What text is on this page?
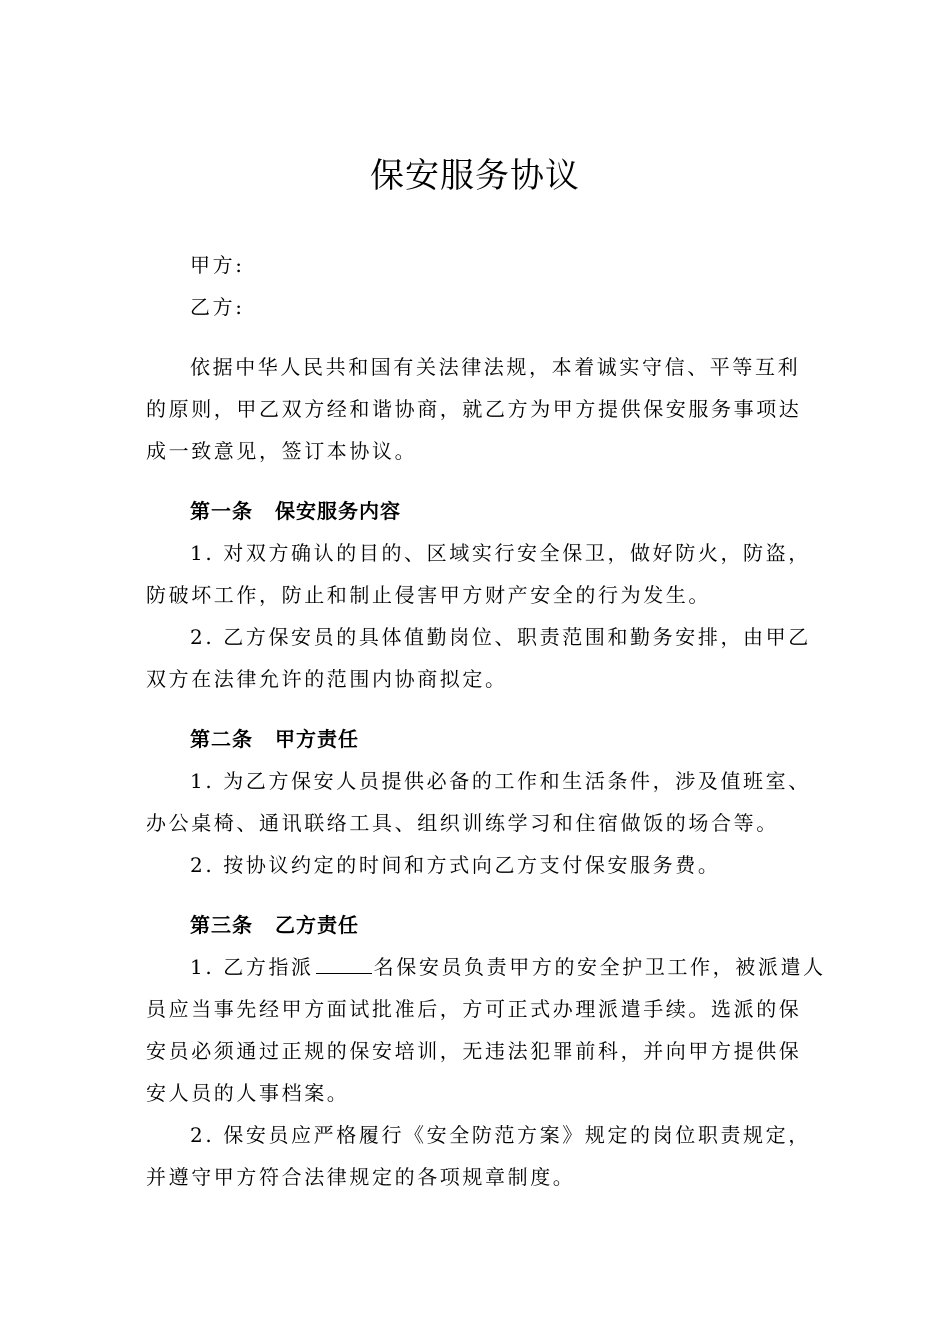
保安服务协议
甲方:
乙方:
依据中华人民共和国有关法律法规，本着诚实守信、平等互利
的原则，甲乙双方经和谐协商，就乙方为甲方提供保安服务事项达
成一致意见，签订本协议。
第一条 保安服务内容
1. 对双方确认的目的、区域实行安全保卫，做好防火，防盗，
防破坏工作，防止和制止侵害甲方财产安全的行为发生。
2. 乙方保安员的具体值勤岗位、职责范围和勤务安排，由甲乙
双方在法律允许的范围内协商拟定。
第二条 甲方责任
1. 为乙方保安人员提供必备的工作和生活条件，涉及值班室、
办公桌椅、通讯联络工具、组织训练学习和住宿做饭的场合等。
2. 按协议约定的时间和方式向乙方支付保安服务费。
第三条 乙方责任
1. 乙方指派	名保安员负责甲方的安全护卫工作，被派遣人
员应当事先经甲方面试批准后，方可正式办理派遣手续。选派的保
安员必须通过正规的保安培训，无违法犯罪前科，并向甲方提供保
安人员的人事档案。
2. 保安员应严格履行《安全防范方案》规定的岗位职责规定，
并遵守甲方符合法律规定的各项规章制度。
